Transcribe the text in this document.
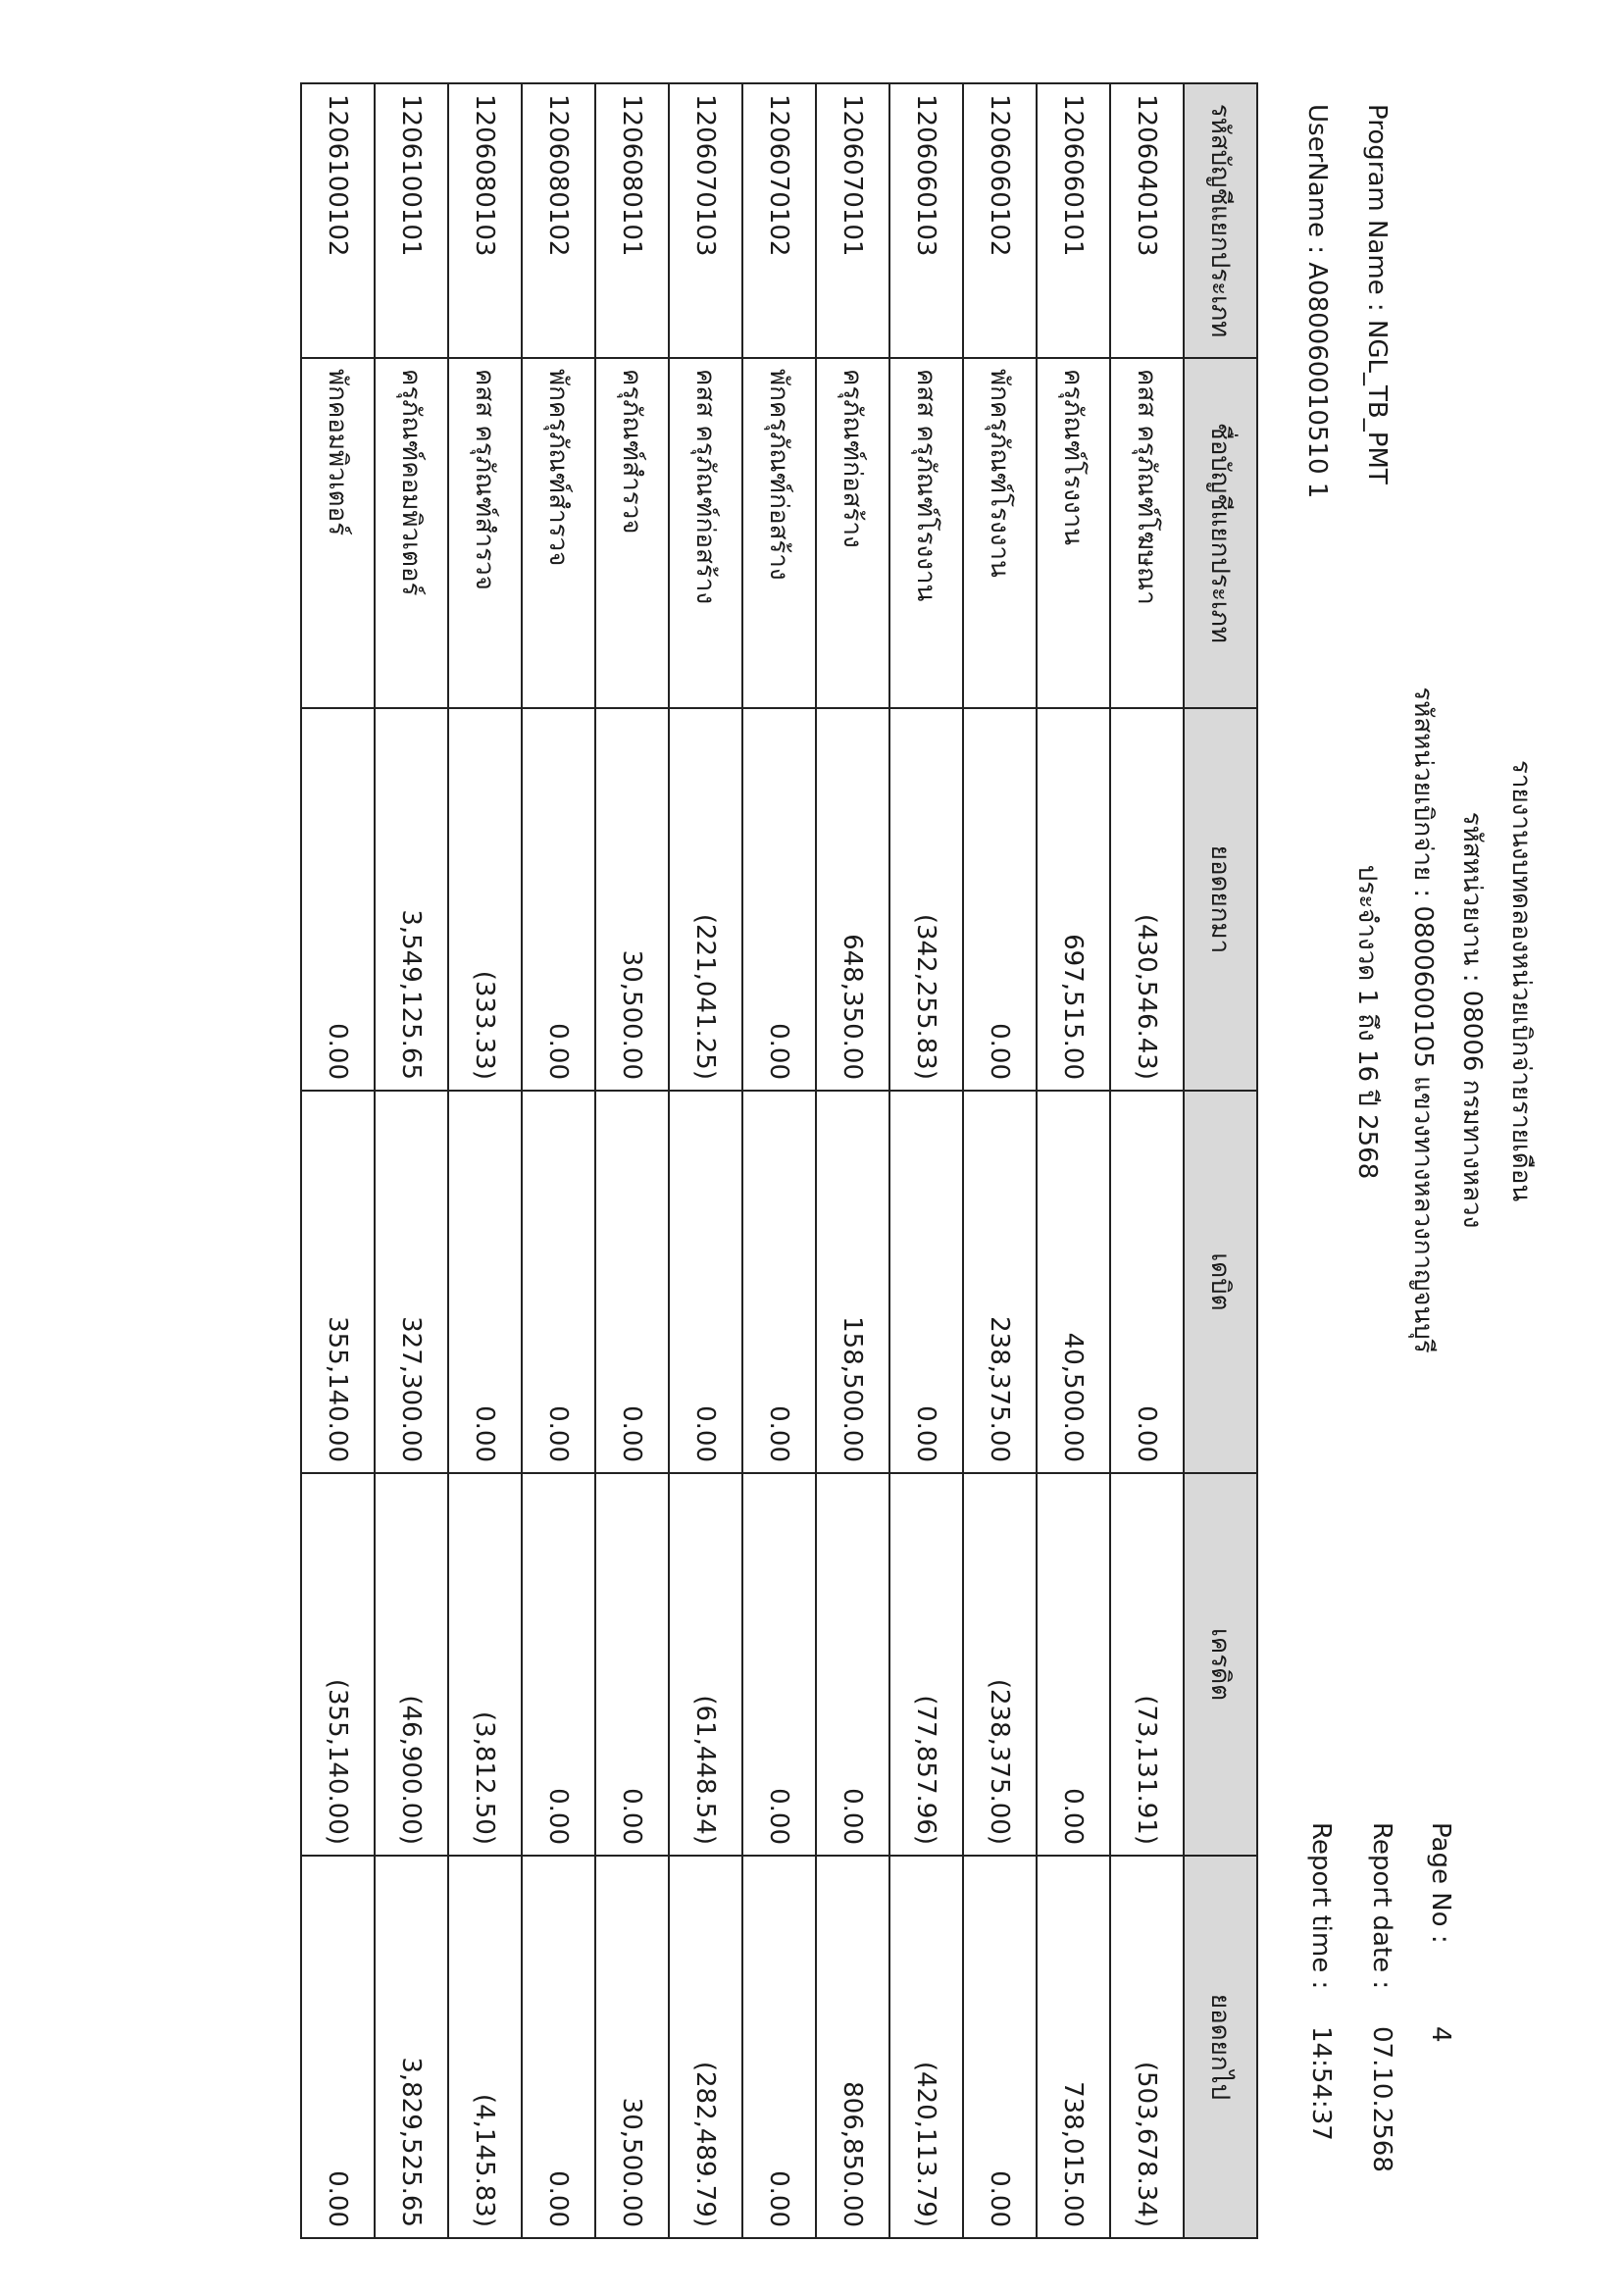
Program Name : NGL_TB_PMT
UserName : A080060010510 1
รายงานงบทดลองหน่วยเบิกจ่ายรายเดือน
รหัสหน่วยงาน : 08006 กรมทางหลวง
รหัสหน่วยเบิกจ่าย : 0800600105 แขวงทางหลวงกาญจนบุรี
ประจำงวด 1 ถึง 16 ปี 2568
Page No :
4
Report date :
07.10.2568
Report time :
14:54:37
รหัสบัญชีแยกประเภท	ชื่อบัญชีแยกประเภท	ยอดยกมา	เดบิต	เครดิต	ยอดยกไป
1206040103	คสส ครุภัณฑ์โฆษณา	(430,546.43)	0.00	(73,131.91)	(503,678.34)
1206060101	ครุภัณฑ์โรงงาน	697,515.00	40,500.00	0.00	738,015.00
1206060102	พักครุภัณฑ์โรงงาน	0.00	238,375.00	(238,375.00)	0.00
1206060103	คสส ครุภัณฑ์โรงงาน	(342,255.83)	0.00	(77,857.96)	(420,113.79)
1206070101	ครุภัณฑ์ก่อสร้าง	648,350.00	158,500.00	0.00	806,850.00
1206070102	พักครุภัณฑ์ก่อสร้าง	0.00	0.00	0.00	0.00
1206070103	คสส ครุภัณฑ์ก่อสร้าง	(221,041.25)	0.00	(61,448.54)	(282,489.79)
1206080101	ครุภัณฑ์สำรวจ	30,500.00	0.00	0.00	30,500.00
1206080102	พักครุภัณฑ์สำรวจ	0.00	0.00	0.00	0.00
1206080103	คสส ครุภัณฑ์สำรวจ	(333.33)	0.00	(3,812.50)	(4,145.83)
1206100101	ครุภัณฑ์คอมพิวเตอร์	3,549,125.65	327,300.00	(46,900.00)	3,829,525.65
1206100102	พักคอมพิวเตอร์	0.00	355,140.00	(355,140.00)	0.00
